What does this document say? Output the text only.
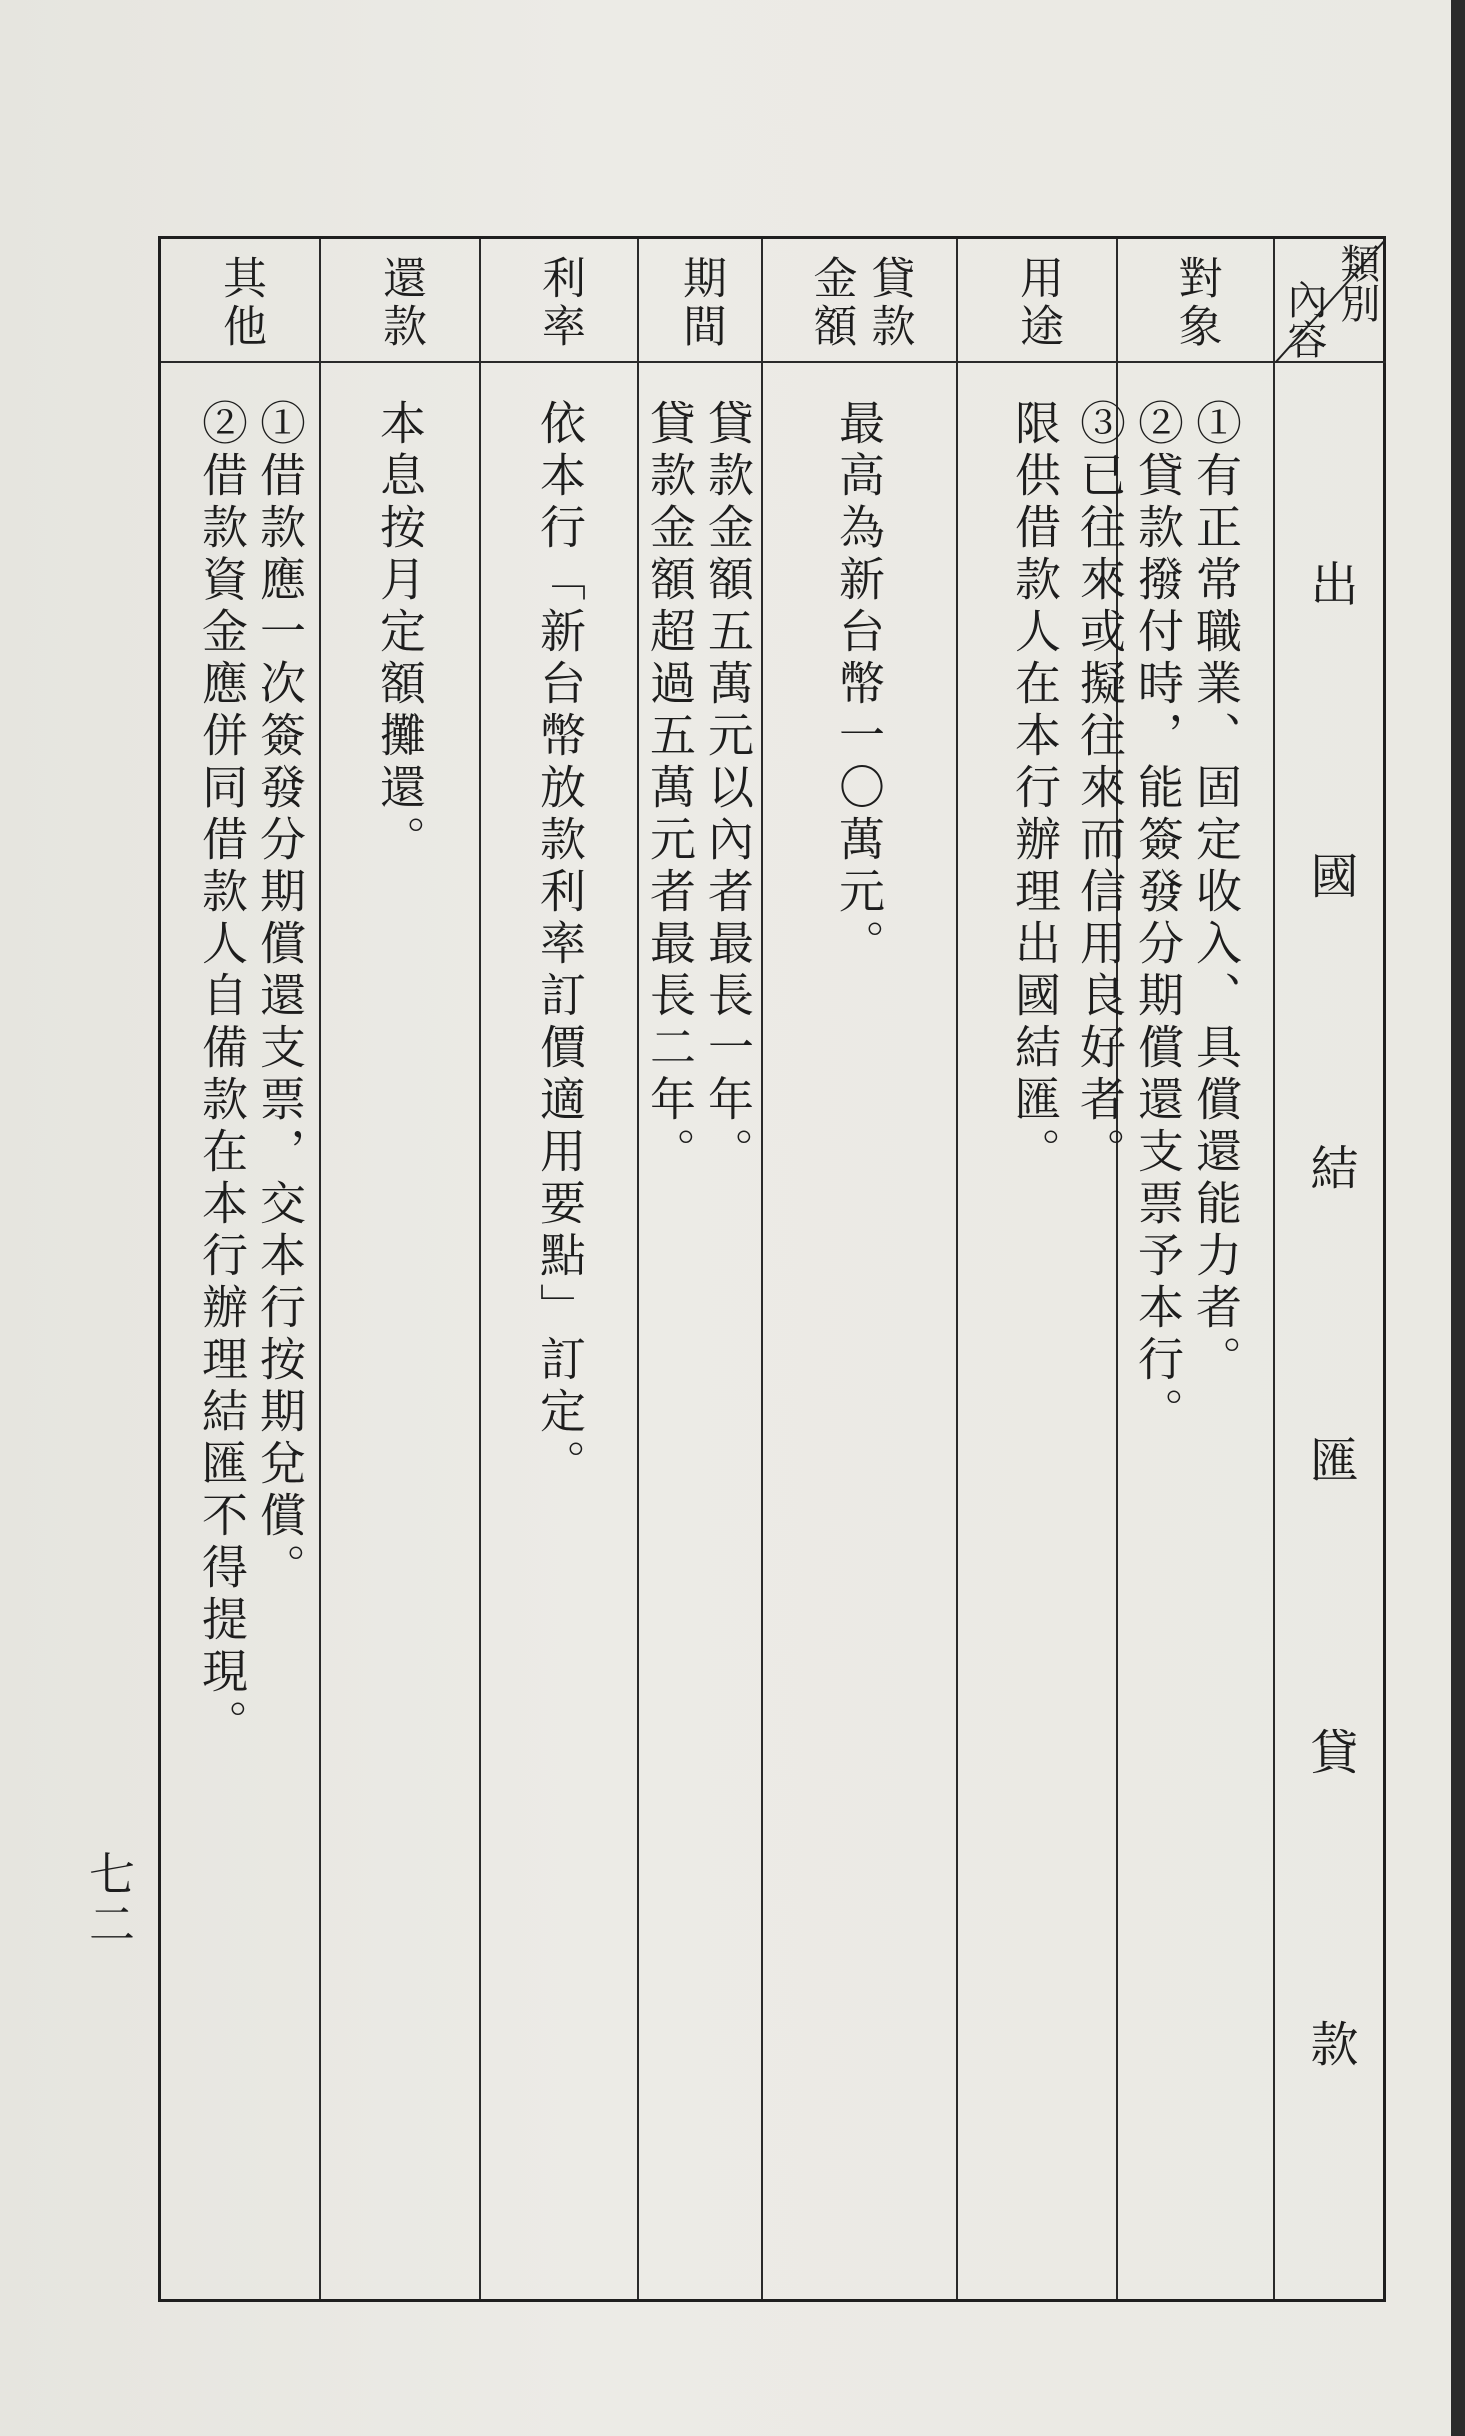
類別
內容
出國結匯貸款
對象
①有正常職業、固定收入、具償還能力者。
②貸款撥付時，能簽發分期償還支票予本行。
③已往來或擬往來而信用良好者。
用途
限供借款人在本行辦理出國結匯。
貸款
金額
最高為新台幣一〇萬元。
期間
貸款金額五萬元以內者最長一年。
貸款金額超過五萬元者最長二年。
利率
依本行「新台幣放款利率訂價適用要點」訂定。
還款
本息按月定額攤還。
其他
①借款應一次簽發分期償還支票，交本行按期兌償。
②借款資金應併同借款人自備款在本行辦理結匯不得提現。
七二
